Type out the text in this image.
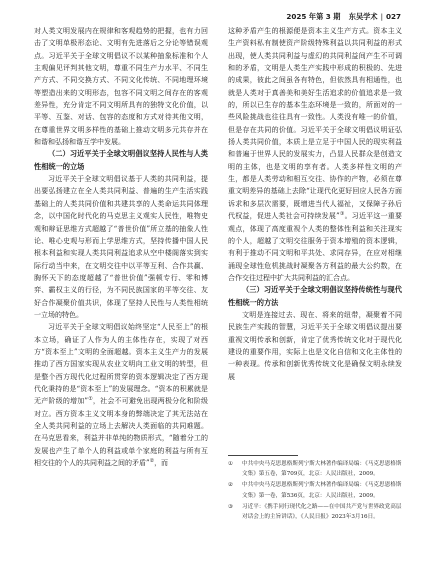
2025 年第 3 期 东吴学术 | 027

对人类文明发展内在规律和客观趋势的把握，也有力回击了文明单极形态论、文明有先进落后之分论等错误观点。习近平关于全球文明倡议不以某种抽象标准和个人主观偏见评判其他文明，尊重不同生产力水平、不同生产方式、不同交换方式、不同文化传统、不同地理环境等塑造出来的文明形态，包容不同文明之间存在的客观差异性，充分肯定不同文明所具有的独特文化价值，以平等、互鉴、对话、包容的态度和方式对待其他文明，在尊重世界文明多样性的基础上推动文明多元共存并在和谐和弘扬和谐互学中发展。

（二）习近平关于全球文明倡议坚持人民性与人类性相统一的立场

习近平关于全球文明倡议基于人类的共同利益，提出要弘扬建立在全人类共同利益、普遍的生产生活实践基础上的人类共同价值和共建共享的人类命运共同体理念，以中国化时代化的马克思主义观实人民性，唯物史观和辩证思维方式超越了“普世价值”所立基的抽象人性论、唯心史观与形而上学思维方式，坚持传播中国人民根本利益和实现人类共同利益追求从空中楼阁落实到实际行动当中来，在文明交往中以平等互利、合作共赢、胸怀天下的态度超越了“普世价值”强顿专行、零和博弈、霸权主义的行径，为不同民族国家的平等交往、友好合作凝聚价值共识，体现了坚持人民性与人类性相统一立场的特色。

习近平关于全球文明倡议始终坚定“人民至上”的根本立场，确证了人作为人的主体性存在，实现了对西方“资本至上”文明的全面超越。资本主义生产力的发展推动了西方国家实现从农业文明向工业文明的转型，但是整个西方现代化过程所贯穿的资本逻辑决定了西方现代化秉持的是“资本至上”的发展理念。“资本的积累就是无产阶级的增加”①，社会不可避免出现两极分化和阶级对立。西方资本主义文明本身的弊端决定了其无法站在全人类共同利益的立场上去解决人类面临的共同难题。在马克思看来，利益并非单纯的物质形式，“随着分工的发展也产生了单个人的利益或单个家庭的利益与所有互相交往的个人的共同利益之间的矛盾”②，而

这种矛盾产生的根源便是资本主义生产方式。资本主义生产资料私有制使资产阶级特殊利益以共同利益的形式出现，使人类共同利益与虚幻的共同利益间产生不可调和的矛盾，文明是人类生产实践中形成的积极的、先进的成果，彼此之间虽各有特色，但依然具有相通性，也就是人类对于真善美和美好生活追求的价值追求是一致的，所以已生存的基本生态环境是一致的，所面对的一些风险挑战也往往具有一致性。人类没有唯一的价值，但是存在共同的价值。习近平关于全球文明倡议明证弘扬人类共同价值，本质上是立足于中国人民的现实利益和普遍于世界人民的发展实力，凸显人民群众是创造文明的主体，也是文明的享有者。人类多样性文明的产生，都是人类劳动和相互交往、协作的产物，必须在尊重文明差异的基础上去除“让现代化更好回应人民各方面诉求和多层次需要，既增进当代人福祉，又保障子孙后代权益，促进人类社会可持续发展”③。习近平这一重要观点，体现了高度重视个人类的整体性利益和关注现实的个人，超越了文明交往服务于资本增殖的资本逻辑，有利于推动不同文明和平共处、求同存异，在应对相继涌现全球性危机挑战时凝聚各方利益的最大公约数，在合作交往过程中扩大共同利益的汇合点。

（三）习近平关于全球文明倡议坚持传统性与现代性相统一的方法

文明是连接过去、现在、将来的纽带，凝聚着不同民族生产实践的智慧，习近平关于全球文明倡议提出要重视文明传承和创新，肯定了优秀传统文化对于现代化建设的重要作用，实际上也是文化自信和文化主体性的一种表现。传承和创新优秀传统文化是确保文明永续发展

①	中共中央马克思恩格斯列宁斯大林著作编译局编：《马克思恩格斯文集》第五卷，第709页，北京：人民出版社，2009。
②	中共中央马克思恩格斯列宁斯大林著作编译局编：《马克思恩格斯文集》第一卷，第536页，北京：人民出版社，2009。
③	习近平：《携手同行现代化之路——在中国共产党与世界政党高层对话会上的主旨讲话》，《人民日报》2023年3月16日。
